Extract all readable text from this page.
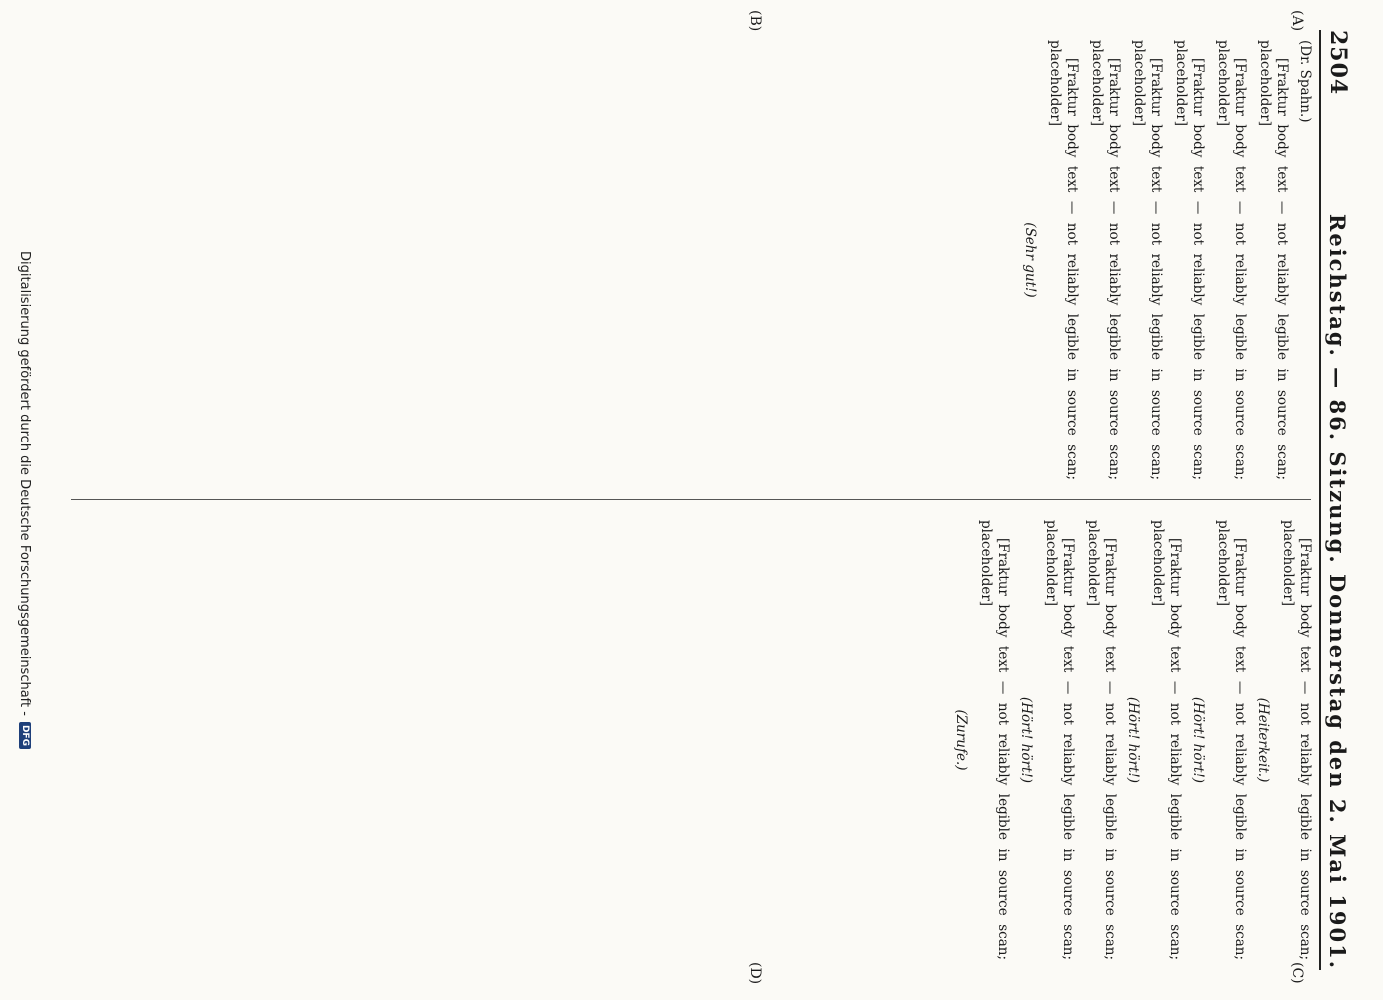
2504
Reichstag. — 86. Sitzung. Donnerstag den 2. Mai 1901.
(A)
(B)
(C)
(D)

(Dr. Spahn.)

[Fraktur body text — not reliably legible in source scan; placeholder]

[Fraktur body text — not reliably legible in source scan; placeholder]

[Fraktur body text — not reliably legible in source scan; placeholder]

[Fraktur body text — not reliably legible in source scan; placeholder]

[Fraktur body text — not reliably legible in source scan; placeholder]

[Fraktur body text — not reliably legible in source scan; placeholder]

(Sehr gut!)

[Fraktur body text — not reliably legible in source scan; placeholder]

(Heiterkeit.)

[Fraktur body text — not reliably legible in source scan; placeholder]

(Hört! hört!)

[Fraktur body text — not reliably legible in source scan; placeholder]

(Hört! hört!)

[Fraktur body text — not reliably legible in source scan; placeholder]

[Fraktur body text — not reliably legible in source scan; placeholder]

(Hört! hört!)

[Fraktur body text — not reliably legible in source scan; placeholder]

(Zurufe.)

Digitalisierung gefördert durch die Deutsche Forschungsgemeinschaft -
DFG
